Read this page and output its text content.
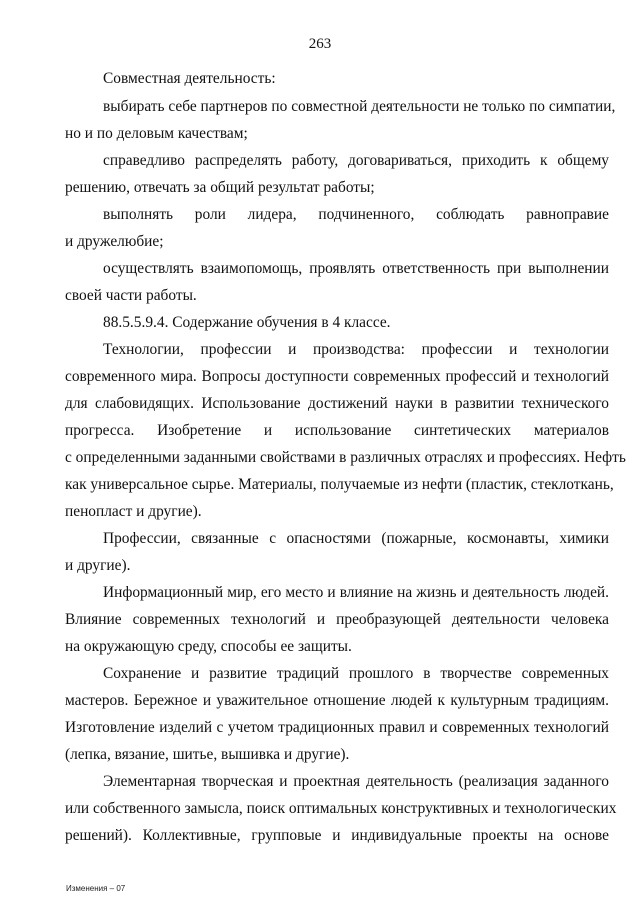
263
Совместная деятельность:
выбирать себе партнеров по совместной деятельности не только по симпатии,
но и по деловым качествам;
справедливо распределять работу, договариваться, приходить к общему
решению, отвечать за общий результат работы;
выполнять роли лидера, подчиненного, соблюдать равноправие
и дружелюбие;
осуществлять взаимопомощь, проявлять ответственность при выполнении
своей части работы.
88.5.5.9.4. Содержание обучения в 4 классе.
Технологии, профессии и производства: профессии и технологии
современного мира. Вопросы доступности современных профессий и технологий
для слабовидящих. Использование достижений науки в развитии технического
прогресса. Изобретение и использование синтетических материалов
с определенными заданными свойствами в различных отраслях и профессиях. Нефть
как универсальное сырье. Материалы, получаемые из нефти (пластик, стеклоткань,
пенопласт и другие).
Профессии, связанные с опасностями (пожарные, космонавты, химики
и другие).
Информационный мир, его место и влияние на жизнь и деятельность людей.
Влияние современных технологий и преобразующей деятельности человека
на окружающую среду, способы ее защиты.
Сохранение и развитие традиций прошлого в творчестве современных
мастеров. Бережное и уважительное отношение людей к культурным традициям.
Изготовление изделий с учетом традиционных правил и современных технологий
(лепка, вязание, шитье, вышивка и другие).
Элементарная творческая и проектная деятельность (реализация заданного
или собственного замысла, поиск оптимальных конструктивных и технологических
решений). Коллективные, групповые и индивидуальные проекты на основе
Изменения – 07
